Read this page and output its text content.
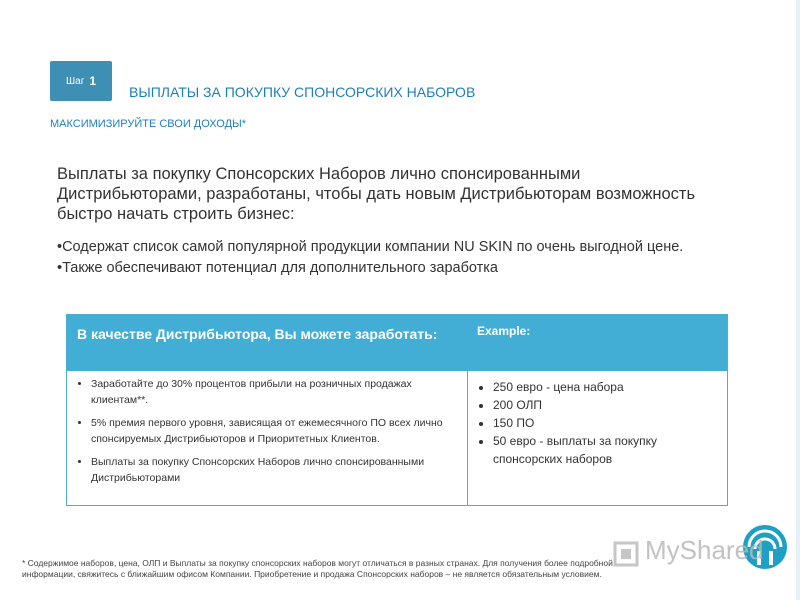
Шаг 1
ВЫПЛАТЫ ЗА ПОКУПКУ СПОНСОРСКИХ НАБОРОВ
МАКСИМИЗИРУЙТЕ СВОИ ДОХОДЫ*
Выплаты за покупку Спонсорских Наборов лично спонсированными Дистрибьюторами, разработаны, чтобы дать новым Дистрибьюторам возможность быстро начать строить бизнес:
•Содержат список самой популярной продукции компании NU SKIN по очень выгодной цене.
•Также обеспечивают потенциал для дополнительного заработка
В качестве Дистрибьютора, Вы можете заработать:	Example:
• Заработайте до 30% процентов прибыли на розничных продажах клиентам**.
• 5% премия первого уровня, зависящая от ежемесячного ПО всех лично спонсируемых Дистрибьюторов и Приоритетных Клиентов.
• Выплаты за покупку Спонсорских Наборов лично спонсированными Дистрибьюторами
• 250 евро - цена набора
• 200 ОЛП
• 150 ПО
• 50 евро - выплаты за покупку спонсорских наборов
* Содержимое наборов, цена, ОЛП и Выплаты за покупку спонсорских наборов могут отличаться в разных странах. Для получения более подробной информации, свяжитесь с ближайшим офисом Компании. Приобретение и продажа Спонсорских наборов – не является обязательным условием.
MyShared
